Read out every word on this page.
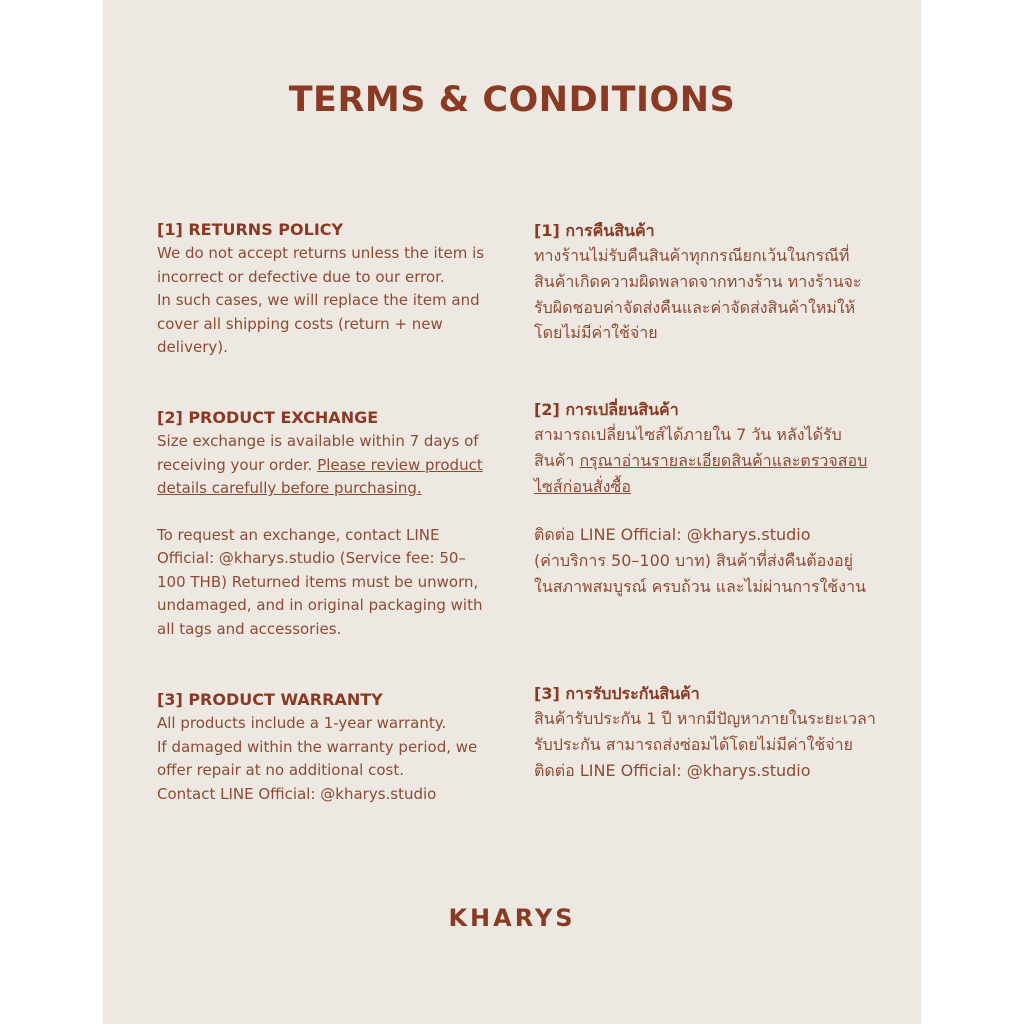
TERMS & CONDITIONS
[1] RETURNS POLICY
We do not accept returns unless the item is
incorrect or defective due to our error.
In such cases, we will replace the item and
cover all shipping costs (return + new
delivery).
[2] PRODUCT EXCHANGE
Size exchange is available within 7 days of
receiving your order. Please review product
details carefully before purchasing.
To request an exchange, contact LINE
Official: @kharys.studio (Service fee: 50–
100 THB) Returned items must be unworn,
undamaged, and in original packaging with
all tags and accessories.
[3] PRODUCT WARRANTY
All products include a 1-year warranty.
If damaged within the warranty period, we
offer repair at no additional cost.
Contact LINE Official: @kharys.studio
[1] การคืนสินค้า
ทางร้านไม่รับคืนสินค้าทุกกรณียกเว้นในกรณีที่
สินค้าเกิดความผิดพลาดจากทางร้าน ทางร้านจะ
รับผิดชอบค่าจัดส่งคืนและค่าจัดส่งสินค้าใหม่ให้
โดยไม่มีค่าใช้จ่าย
[2] การเปลี่ยนสินค้า
สามารถเปลี่ยนไซส์ได้ภายใน 7 วัน หลังได้รับ
สินค้า กรุณาอ่านรายละเอียดสินค้าและตรวจสอบ
ไซส์ก่อนสั่งซื้อ
ติดต่อ LINE Official: @kharys.studio
(ค่าบริการ 50–100 บาท) สินค้าที่ส่งคืนต้องอยู่
ในสภาพสมบูรณ์ ครบถ้วน และไม่ผ่านการใช้งาน
[3] การรับประกันสินค้า
สินค้ารับประกัน 1 ปี หากมีปัญหาภายในระยะเวลา
รับประกัน สามารถส่งซ่อมได้โดยไม่มีค่าใช้จ่าย
ติดต่อ LINE Official: @kharys.studio
KHARYS
